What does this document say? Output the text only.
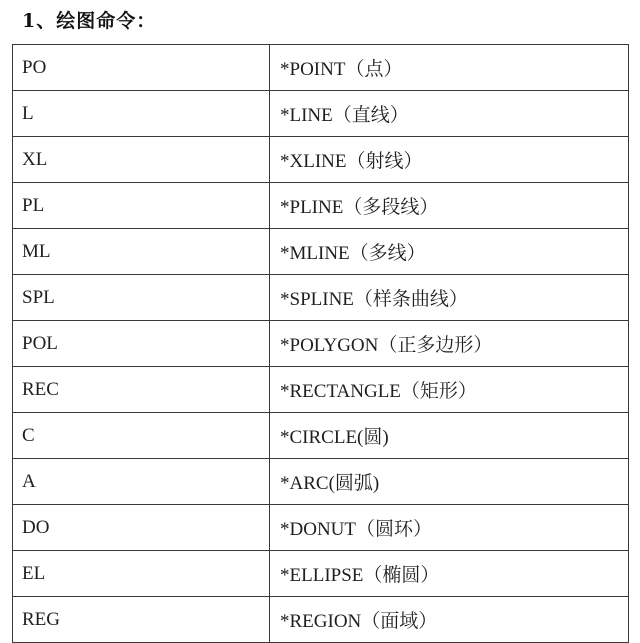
1、绘图命令：
PO	*POINT（点）
L	*LINE（直线）
XL	*XLINE（射线）
PL	*PLINE（多段线）
ML	*MLINE（多线）
SPL	*SPLINE（样条曲线）
POL	*POLYGON（正多边形）
REC	*RECTANGLE（矩形）
C	*CIRCLE(圆)
A	*ARC(圆弧)
DO	*DONUT（圆环）
EL	*ELLIPSE（椭圆）
REG	*REGION（面域）
